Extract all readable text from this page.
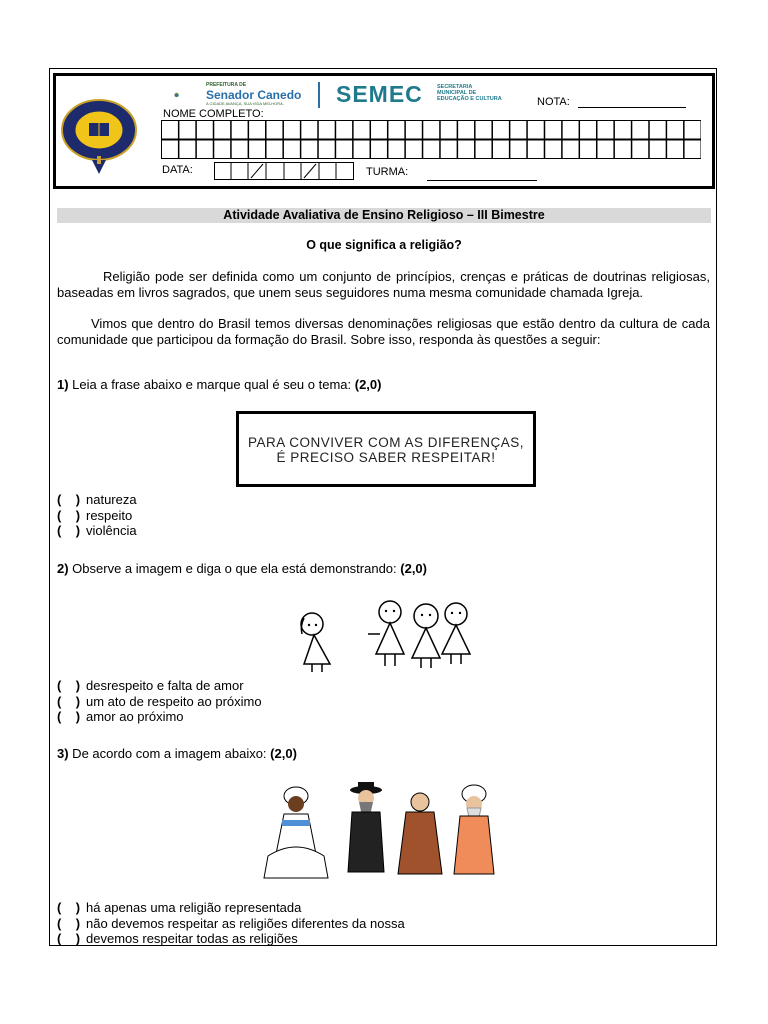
PREFEITURA DE
Senador Canedo
A CIDADE AVANÇA, SUA VIDA MELHORA. SEMEC	SECRETARIA
MUNICIPAL DE
EDUCAÇÃO E CULTURA	NOTA:
NOME COMPLETO:
DATA:	TURMA:
Atividade Avaliativa de Ensino Religioso – III Bimestre
O que significa a religião?
Religião pode ser definida como um conjunto de princípios, crenças e práticas de doutrinas religiosas, baseadas em livros sagrados, que unem seus seguidores numa mesma comunidade chamada Igreja.
Vimos que dentro do Brasil temos diversas denominações religiosas que estão dentro da cultura de cada comunidade que participou da formação do Brasil. Sobre isso, responda às questões a seguir:
1) Leia a frase abaixo e marque qual é seu o tema: (2,0)
PARA CONVIVER COM AS DIFERENÇAS,
É PRECISO SABER RESPEITAR!
(    ) natureza
(    ) respeito
(    ) violência
2) Observe a imagem e diga o que ela está demonstrando: (2,0)
(    ) desrespeito e falta de amor
(    ) um ato de respeito ao próximo
(    ) amor ao próximo
3) De acordo com a imagem abaixo: (2,0)
(    ) há apenas uma religião representada
(    ) não devemos respeitar as religiões diferentes da nossa
(    ) devemos respeitar todas as religiões
